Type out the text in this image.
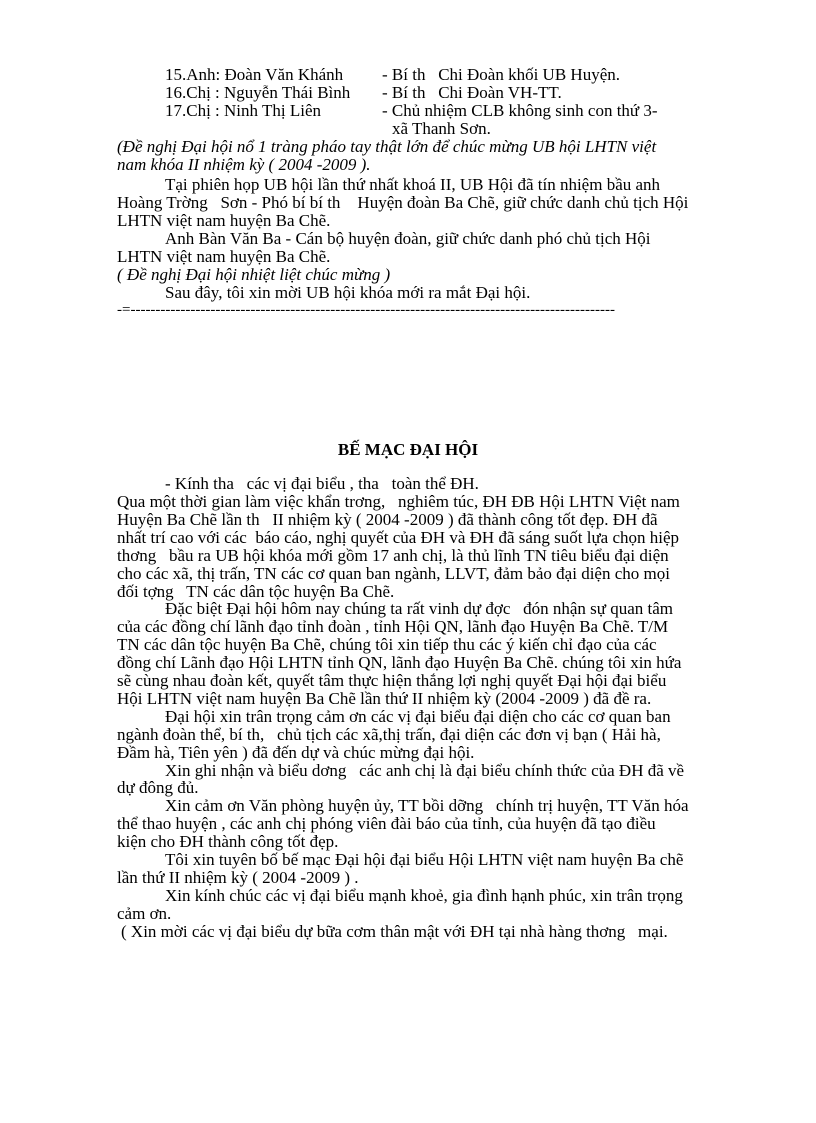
15.Anh: Đoàn Văn Khánh - Bí th   Chi Đoàn khối UB Huyện.
16.Chị : Nguyễn Thái Bình - Bí th   Chi Đoàn VH-TT.
17.Chị : Ninh Thị Liên	- Chủ nhiệm CLB không sinh con thứ 3-
xã Thanh Sơn.
(Đề nghị Đại hội nổ 1 tràng pháo tay thật lớn để chúc mừng UB hội LHTN việt
nam khóa II nhiệm kỳ ( 2004 -2009 ).
Tại phiên họp UB hội lần thứ nhất khoá II, UB Hội đã tín nhiệm bầu anh
Hoàng Trờng   Sơn - Phó bí bí th    Huyện đoàn Ba Chẽ, giữ chức danh chủ tịch Hội
LHTN việt nam huyện Ba Chẽ.
Anh Bàn Văn Ba - Cán bộ huyện đoàn, giữ chức danh phó chủ tịch Hội
LHTN việt nam huyện Ba Chẽ.
( Đề nghị Đại hội nhiệt liệt chúc mừng )
Sau đây, tôi xin mời UB hội khóa mới ra mắt Đại hội.
-=-------------------------------------------------------------------------------------------------
BẾ MẠC ĐẠI HỘI
- Kính tha   các vị đại biểu , tha   toàn thể ĐH.
Qua một thời gian làm việc khẩn trơng,   nghiêm túc, ĐH ĐB Hội LHTN Việt nam
Huyện Ba Chẽ lần th   II nhiệm kỳ ( 2004 -2009 ) đã thành công tốt đẹp. ĐH đã
nhất trí cao với các  báo cáo, nghị quyết của ĐH và ĐH đã sáng suốt lựa chọn hiệp
thơng   bầu ra UB hội khóa mới gồm 17 anh chị, là thủ lĩnh TN tiêu biểu đại diện
cho các xã, thị trấn, TN các cơ quan ban ngành, LLVT, đảm bảo đại diện cho mọi
đối tợng   TN các dân tộc huyện Ba Chẽ.
Đặc biệt Đại hội hôm nay chúng ta rất vinh dự đợc   đón nhận sự quan tâm
của các đồng chí lãnh đạo tỉnh đoàn , tỉnh Hội QN, lãnh đạo Huyện Ba Chẽ. T/M
TN các dân tộc huyện Ba Chẽ, chúng tôi xin tiếp thu các ý kiến chỉ đạo của các
đồng chí Lãnh đạo Hội LHTN tỉnh QN, lãnh đạo Huyện Ba Chẽ. chúng tôi xin hứa
sẽ cùng nhau đoàn kết, quyết tâm thực hiện thắng lợi nghị quyết Đại hội đại biểu
Hội LHTN việt nam huyện Ba Chẽ lần thứ II nhiệm kỳ (2004 -2009 ) đã đề ra.
Đại hội xin trân trọng cảm ơn các vị đại biểu đại diện cho các cơ quan ban
ngành đoàn thể, bí th,   chủ tịch các xã,thị trấn, đại diện các đơn vị bạn ( Hải hà,
Đầm hà, Tiên yên ) đã đến dự và chúc mừng đại hội.
Xin ghi nhận và biểu dơng   các anh chị là đại biểu chính thức của ĐH đã về
dự đông đủ.
Xin cảm ơn Văn phòng huyện ủy, TT bồi dỡng   chính trị huyện, TT Văn hóa
thể thao huyện , các anh chị phóng viên đài báo của tỉnh, của huyện đã tạo điều
kiện cho ĐH thành công tốt đẹp.
Tôi xin tuyên bố bế mạc Đại hội đại biểu Hội LHTN việt nam huyện Ba chẽ
lần thứ II nhiệm kỳ ( 2004 -2009 ) .
Xin kính chúc các vị đại biểu mạnh khoẻ, gia đình hạnh phúc, xin trân trọng
cảm ơn.
( Xin mời các vị đại biểu dự bữa cơm thân mật với ĐH tại nhà hàng thơng   mại.
